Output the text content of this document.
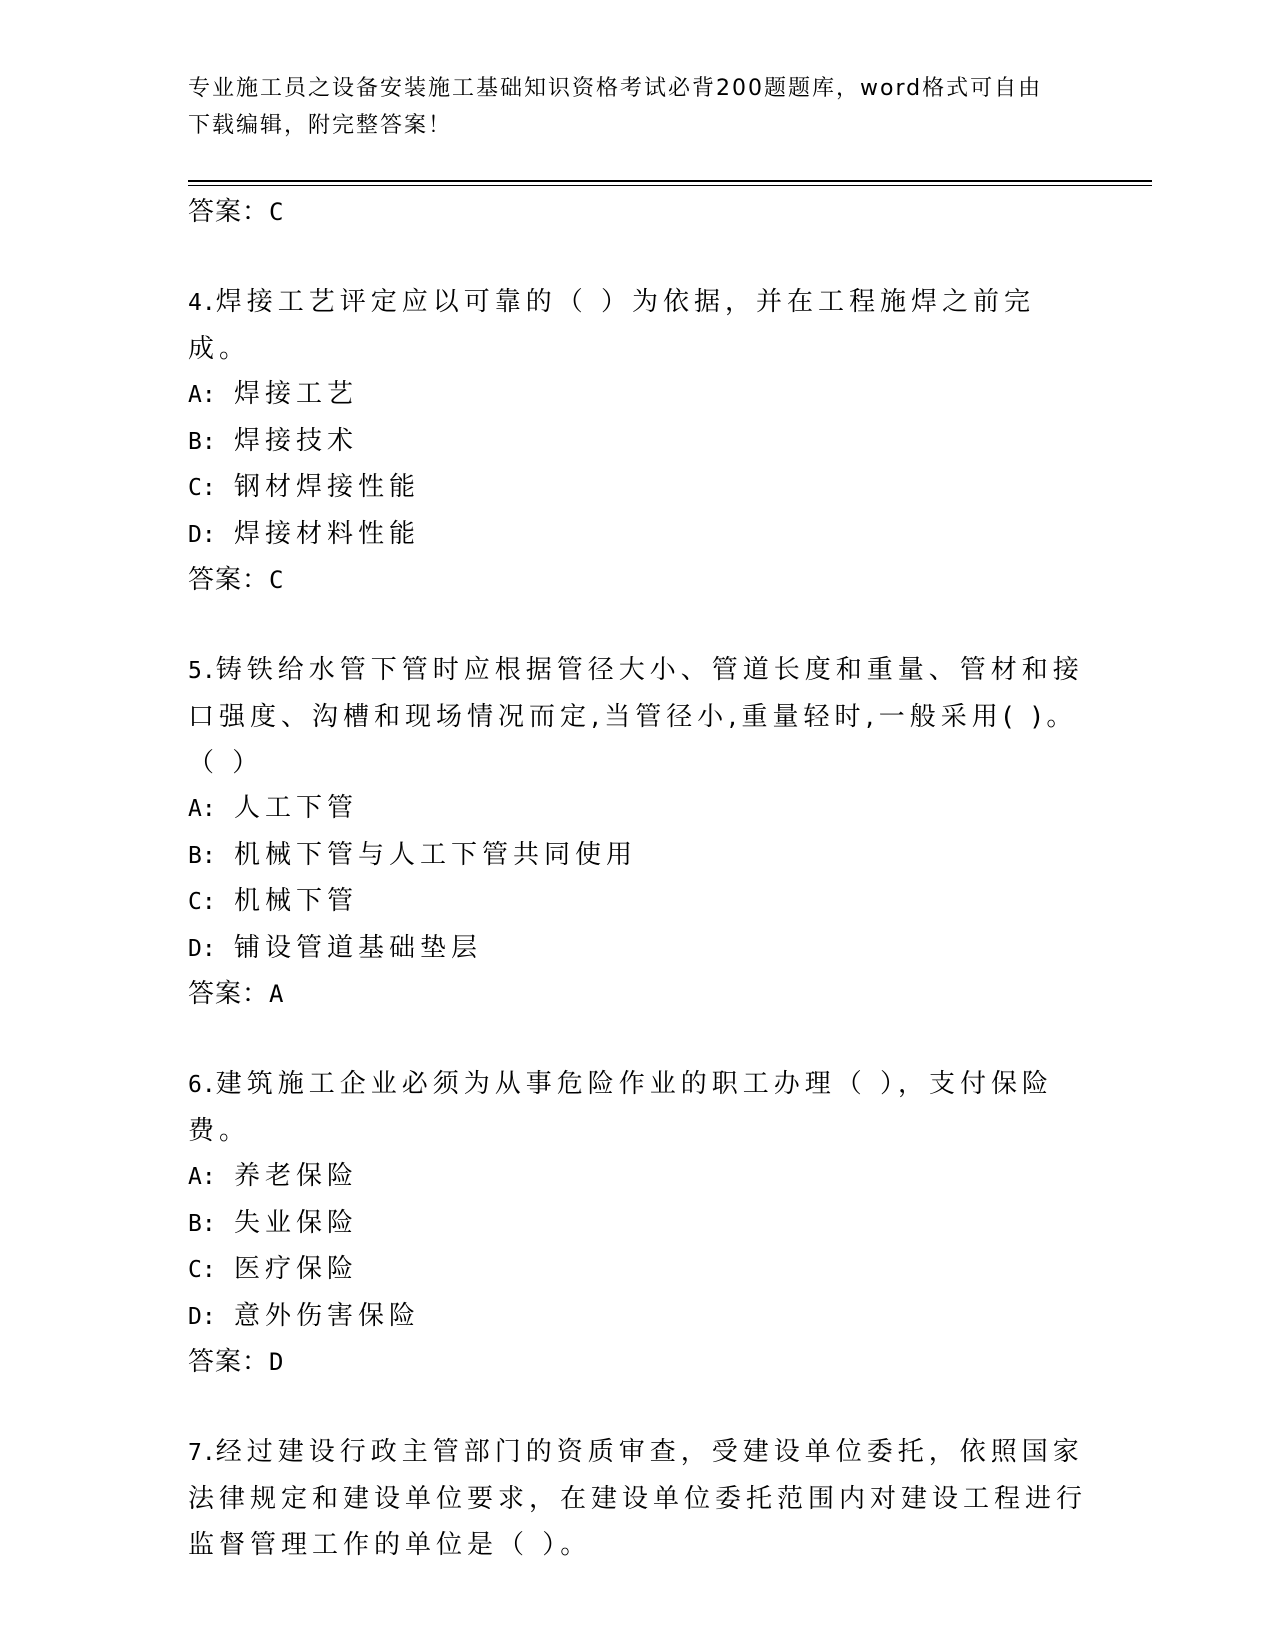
专业施工员之设备安装施工基础知识资格考试必背200题题库，word格式可自由
下载编辑，附完整答案！

答案：C

4.焊接工艺评定应以可靠的（ ）为依据，并在工程施焊之前完成。

A: 焊接工艺
B: 焊接技术
C: 钢材焊接性能
D: 焊接材料性能

答案：C

5.铸铁给水管下管时应根据管径大小、管道长度和重量、管材和接口强度、沟槽和现场情况而定,当管径小,重量轻时,一般采用( )。（ ）

A: 人工下管
B: 机械下管与人工下管共同使用
C: 机械下管
D: 铺设管道基础垫层

答案：A

6.建筑施工企业必须为从事危险作业的职工办理（ ），支付保险费。

A: 养老保险
B: 失业保险
C: 医疗保险
D: 意外伤害保险

答案：D

7.经过建设行政主管部门的资质审查，受建设单位委托，依照国家法律规定和建设单位要求，在建设单位委托范围内对建设工程进行监督管理工作的单位是（ ）。
